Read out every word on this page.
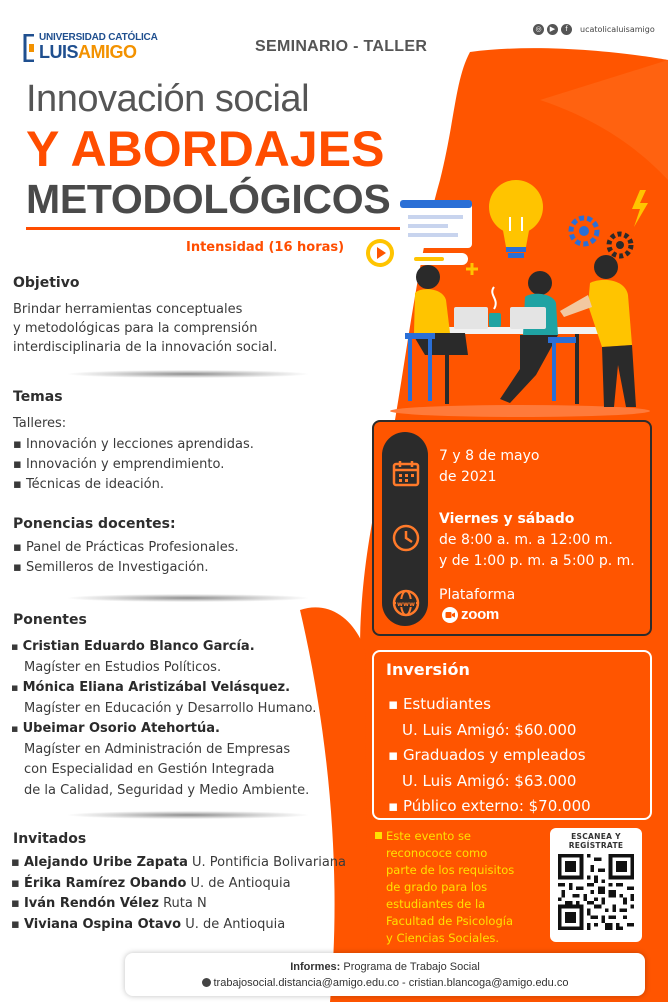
UNIVERSIDAD CATÓLICA
LUISAMIGO
◎	▶	f	ucatolicaluisamigo
SEMINARIO - TALLER
Innovación social
Y ABORDAJES
METODOLÓGICOS
Intensidad (16 horas)
Objetivo
Brindar herramientas conceptuales
y metodológicas para la comprensión
interdisciplinaria de la innovación social.
Temas
Talleres:
▪ Innovación y lecciones aprendidas.
▪ Innovación y emprendimiento.
▪ Técnicas de ideación.
Ponencias docentes:
▪ Panel de Prácticas Profesionales.
▪ Semilleros de Investigación.
Ponentes
▪ Cristian Eduardo Blanco García.
Magíster en Estudios Políticos.
▪ Mónica Eliana Aristizábal Velásquez.
Magíster en Educación y Desarrollo Humano.
▪ Ubeimar Osorio Atehortúa.
Magíster en Administración de Empresas
con Especialidad en Gestión Integrada
de la Calidad, Seguridad y Medio Ambiente.
Invitados
▪ Alejando Uribe Zapata U. Pontificia Bolivariana
▪ Érika Ramírez Obando U. de Antioquia
▪ Iván Rendón Vélez Ruta N
▪ Viviana Ospina Otavo U. de Antioquia
www
7 y 8 de mayo
de 2021
Viernes y sábado
de 8:00 a. m. a 12:00 m.
y de 1:00 p. m. a 5:00 p. m.
Plataforma
zoom
Inversión
▪ Estudiantes
U. Luis Amigó: $60.000
▪ Graduados y empleados
U. Luis Amigó: $63.000
▪ Público externo: $70.000
Este evento se
reconococe como
parte de los requisitos
de grado para los
estudiantes de la
Facultad de Psicología
y Ciencias Sociales.
ESCANEA Y
REGÍSTRATE
Informes: Programa de Trabajo Social
trabajosocial.distancia@amigo.edu.co - cristian.blancoga@amigo.edu.co
